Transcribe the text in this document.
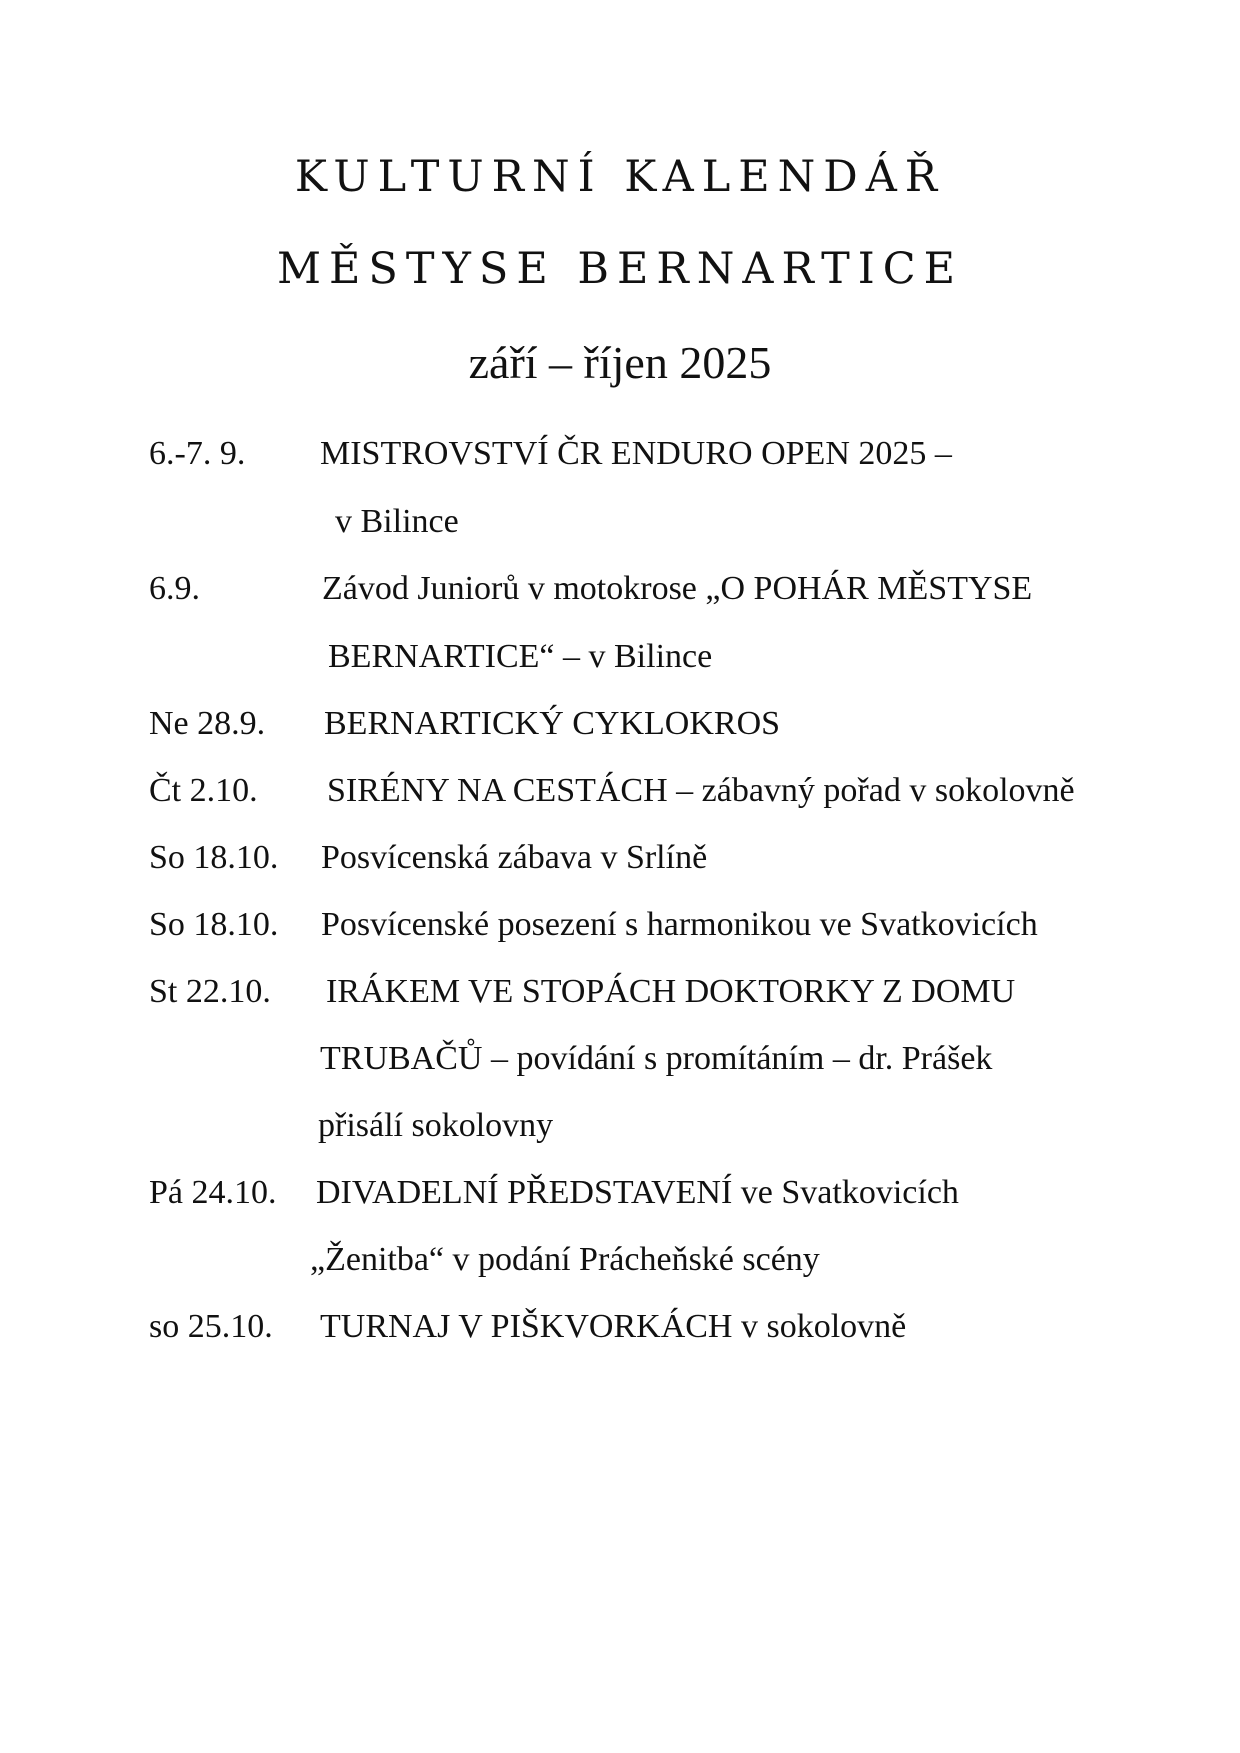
KULTURNÍ KALENDÁŘ
MĚSTYSE BERNARTICE
září – říjen 2025
6.-7. 9. MISTROVSTVÍ ČR ENDURO OPEN 2025 –
v Bilince
6.9.	Závod Juniorů v motokrose „O POHÁR MĚSTYSE
BERNARTICE“ – v Bilince
Ne 28.9. BERNARTICKÝ CYKLOKROS
Čt 2.10. SIRÉNY NA CESTÁCH – zábavný pořad v sokolovně
So 18.10. Posvícenská zábava v Srlíně
So 18.10. Posvícenské posezení s harmonikou ve Svatkovicích
St 22.10. IRÁKEM VE STOPÁCH DOKTORKY Z DOMU
TRUBAČŮ – povídání s promítáním – dr. Prášek
přisálí sokolovny
Pá 24.10. DIVADELNÍ PŘEDSTAVENÍ ve Svatkovicích
„Ženitba“ v podání Prácheňské scény
so 25.10. TURNAJ V PIŠKVORKÁCH v sokolovně
